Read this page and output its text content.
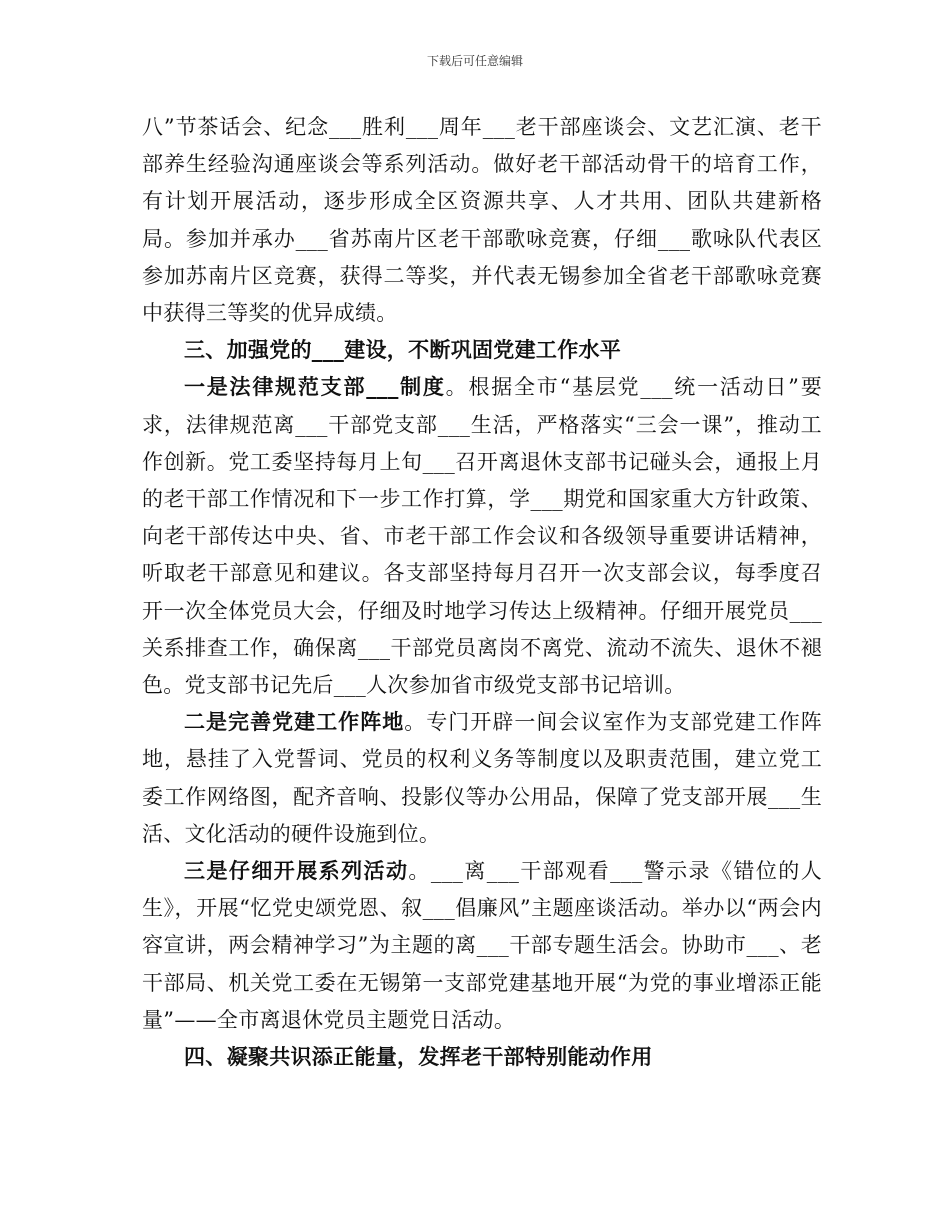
下载后可任意编辑

八”节茶话会、纪念___胜利___周年___老干部座谈会、文艺汇演、老干部养生经验沟通座谈会等系列活动。做好老干部活动骨干的培育工作，有计划开展活动，逐步形成全区资源共享、人才共用、团队共建新格局。参加并承办___省苏南片区老干部歌咏竞赛，仔细___歌咏队代表区参加苏南片区竞赛，获得二等奖，并代表无锡参加全省老干部歌咏竞赛中获得三等奖的优异成绩。

三、加强党的___建设，不断巩固党建工作水平

一是法律规范支部___制度。根据全市“基层党___统一活动日”要求，法律规范离___干部党支部___生活，严格落实“三会一课”，推动工作创新。党工委坚持每月上旬___召开离退休支部书记碰头会，通报上月的老干部工作情况和下一步工作打算，学___期党和国家重大方针政策、向老干部传达中央、省、市老干部工作会议和各级领导重要讲话精神，听取老干部意见和建议。各支部坚持每月召开一次支部会议，每季度召开一次全体党员大会，仔细及时地学习传达上级精神。仔细开展党员___关系排查工作，确保离___干部党员离岗不离党、流动不流失、退休不褪色。党支部书记先后___人次参加省市级党支部书记培训。

二是完善党建工作阵地。专门开辟一间会议室作为支部党建工作阵地，悬挂了入党誓词、党员的权利义务等制度以及职责范围，建立党工委工作网络图，配齐音响、投影仪等办公用品，保障了党支部开展___生活、文化活动的硬件设施到位。

三是仔细开展系列活动。___离___干部观看___警示录《错位的人生》，开展“忆党史颂党恩、叙___倡廉风”主题座谈活动。举办以“两会内容宣讲，两会精神学习”为主题的离___干部专题生活会。协助市___、老干部局、机关党工委在无锡第一支部党建基地开展“为党的事业增添正能量”——全市离退休党员主题党日活动。

四、凝聚共识添正能量，发挥老干部特别能动作用
